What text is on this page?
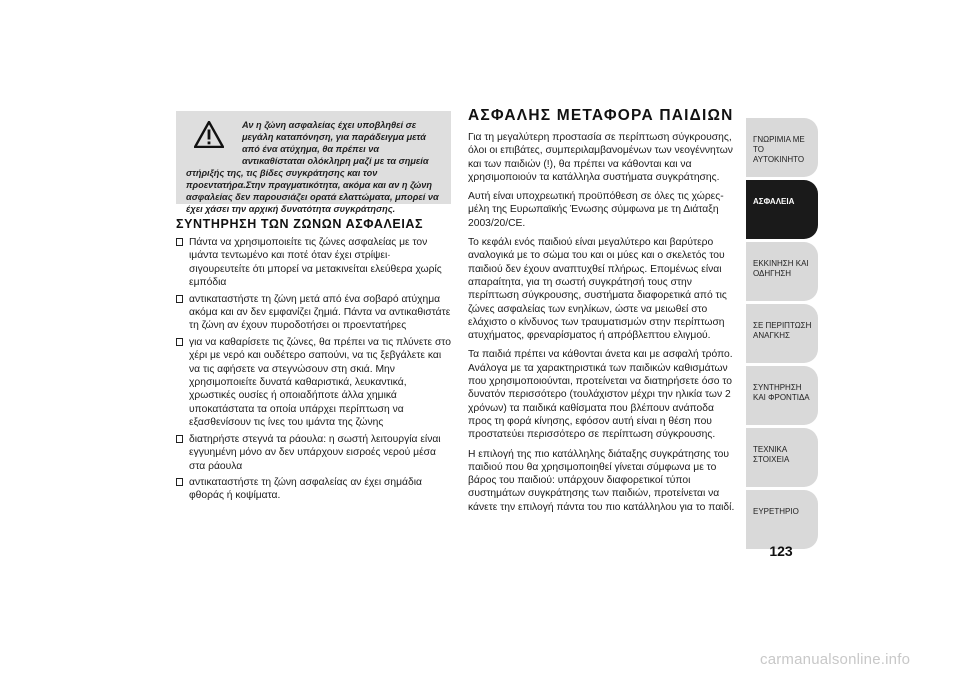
Αν η ζώνη ασφαλείας έχει υποβληθεί σε μεγάλη καταπόνηση, για παράδειγμα μετά από ένα ατύχημα, θα πρέπει να αντικαθίσταται ολόκληρη μαζί με τα σημεία στήριξής της, τις βίδες συγκράτησης και τον προεντατήρα.Στην πραγματικότητα, ακόμα και αν η ζώνη ασφαλείας δεν παρουσιάζει ορατά ελαττώματα, μπορεί να έχει χάσει την αρχική δυνατότητα συγκράτησης.
ΣΥΝΤΗΡΗΣΗ ΤΩΝ ΖΩΝΩΝ ΑΣΦΑΛΕΙΑΣ
Πάντα να χρησιμοποιείτε τις ζώνες ασφαλείας με τον ιμάντα τεντωμένο και ποτέ όταν έχει στρίψει· σιγουρευτείτε ότι μπορεί να μετακινείται ελεύθερα χωρίς εμπόδια
αντικαταστήστε τη ζώνη μετά από ένα σοβαρό ατύχημα ακόμα και αν δεν εμφανίζει ζημιά. Πάντα να αντικαθιστάτε τη ζώνη αν έχουν πυροδοτήσει οι προεντατήρες
για να καθαρίσετε τις ζώνες, θα πρέπει να τις πλύνετε στο χέρι με νερό και ουδέτερο σαπούνι, να τις ξεβγάλετε και να τις αφήσετε να στεγνώσουν στη σκιά. Μην χρησιμοποιείτε δυνατά καθαριστικά, λευκαντικά, χρωστικές ουσίες ή οποιαδήποτε άλλα χημικά υποκατάστατα τα οποία υπάρχει περίπτωση να εξασθενίσουν τις ίνες του ιμάντα της ζώνης
διατηρήστε στεγνά τα ράουλα: η σωστή λειτουργία είναι εγγυημένη μόνο αν δεν υπάρχουν εισροές νερού μέσα στα ράουλα
αντικαταστήστε τη ζώνη ασφαλείας αν έχει σημάδια φθοράς ή κοψίματα.
ΑΣΦΑΛΗΣ ΜΕΤΑΦΟΡΑ ΠΑΙΔΙΩΝ

Για τη μεγαλύτερη προστασία σε περίπτωση σύγκρουσης, όλοι οι επιβάτες, συμπεριλαμβανομένων των νεογέννητων και των παιδιών (!), θα πρέπει να κάθονται και να χρησιμοποιούν τα κατάλληλα συστήματα συγκράτησης.

Αυτή είναι υποχρεωτική προϋπόθεση σε όλες τις χώρες-μέλη της Ευρωπαϊκής Ένωσης σύμφωνα με τη Διάταξη 2003/20/CE.

Το κεφάλι ενός παιδιού είναι μεγαλύτερο και βαρύτερο αναλογικά με το σώμα του και οι μύες και ο σκελετός του παιδιού δεν έχουν αναπτυχθεί πλήρως. Επομένως είναι απαραίτητα, για τη σωστή συγκράτησή τους στην περίπτωση σύγκρουσης, συστήματα διαφορετικά από τις ζώνες ασφαλείας των ενηλίκων, ώστε να μειωθεί στο ελάχιστο ο κίνδυνος των τραυματισμών στην περίπτωση ατυχήματος, φρεναρίσματος ή απρόβλεπτου ελιγμού.

Τα παιδιά πρέπει να κάθονται άνετα και με ασφαλή τρόπο. Ανάλογα με τα χαρακτηριστικά των παιδικών καθισμάτων που χρησιμοποιούνται, προτείνεται να διατηρήσετε όσο το δυνατόν περισσότερο (τουλάχιστον μέχρι την ηλικία των 2 χρόνων) τα παιδικά καθίσματα που βλέπουν ανάποδα προς τη φορά κίνησης, εφόσον αυτή είναι η θέση που προστατεύει περισσότερο σε περίπτωση σύγκρουσης.

Η επιλογή της πιο κατάλληλης διάταξης συγκράτησης του παιδιού που θα χρησιμοποιηθεί γίνεται σύμφωνα με το βάρος του παιδιού: υπάρχουν διαφορετικοί τύποι συστημάτων συγκράτησης των παιδιών, προτείνεται να κάνετε την επιλογή πάντα του πιο κατάλληλου για το παιδί.

ΓΝΩΡΙΜΙΑ ΜΕ ΤΟ ΑΥΤΟΚΙΝΗΤΟ
ΑΣΦΑΛΕΙΑ
ΕΚΚΙΝΗΣΗ ΚΑΙ ΟΔΗΓΗΣΗ
ΣΕ ΠΕΡΙΠΤΩΣΗ ΑΝΑΓΚΗΣ
ΣΥΝΤΗΡΗΣΗ ΚΑΙ ΦΡΟΝΤΙΔΑ
ΤΕΧΝΙΚΑ ΣΤΟΙΧΕΙΑ
ΕΥΡΕΤΗΡΙΟ
123
carmanualsonline.info
